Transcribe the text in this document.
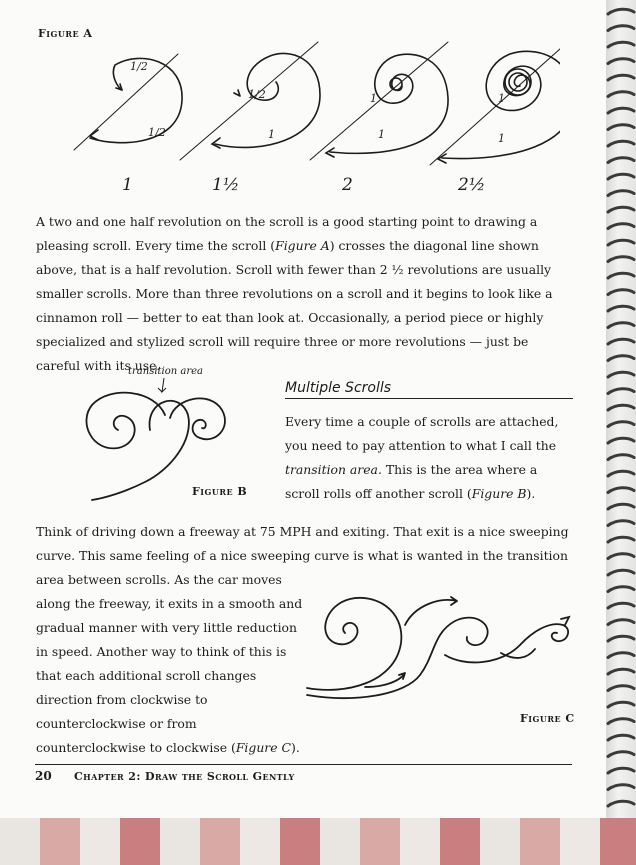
Figure A
1/2
1/2	1
1/2
1
1
1
1
1	1½	2	2½

A two and one half revolution on the scroll is a good starting point to drawing a pleasing scroll. Every time the scroll (Figure A) crosses the diagonal line shown above, that is a half revolution. Scroll with fewer than 2 ½ revolutions are usually smaller scrolls. More than three revolutions on a scroll and it begins to look like a cinnamon roll — better to eat than look at. Occasionally, a period piece or highly specialized and stylized scroll will require three or more revolutions — just be careful with its use.

transition area
Figure B
Multiple Scrolls

Every time a couple of scrolls are attached, you need to pay attention to what I call the transition area. This is the area where a scroll rolls off another scroll (Figure B).

Think of driving down a freeway at 75 MPH and exiting. That exit is a nice sweeping

curve. This same feeling of a nice sweeping curve is what is wanted in the transition

area between scrolls. As the car moves along the freeway, it exits in a smooth and gradual manner with very little reduction in speed. Another way to think of this is that each additional scroll changes direction from clockwise to counterclockwise or from counterclockwise to clockwise (Figure C).

Figure C
20 Chapter 2: Draw the Scroll Gently
